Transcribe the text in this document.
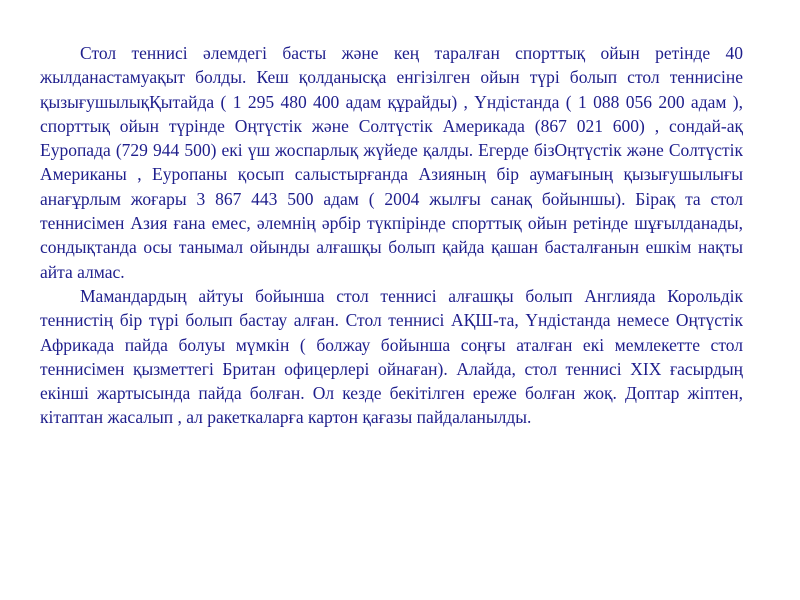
Стол теннисі әлемдегі басты және кең таралған спорттық ойын ретінде 40 жылданастамуақыт болды. Кеш қолданысқа енгізілген ойын түрі болып стол теннисіне қызығушылықҚытайда ( 1 295 480 400 адам құрайды) , Үндістанда ( 1 088 056 200 адам ), спорттық ойын түрінде Оңтүстік және Солтүстік Америкада (867 021 600) , сондай-ақ Еуропада (729 944 500) екі үш жоспарлық жүйеде қалды. Егерде бізОңтүстік және Солтүстік Американы , Еуропаны қосып салыстырғанда Азияның бір аумағының қызығушылығы анағұрлым жоғары 3 867 443 500 адам ( 2004 жылғы санақ бойыншы). Бірақ та стол теннисімен Азия ғана емес, әлемнің әрбір түкпірінде спорттық ойын ретінде шұғылданады, сондықтанда осы танымал ойынды алғашқы болып қайда қашан басталғанын ешкім нақты айта алмас.

Мамандардың айтуы бойынша стол теннисі алғашқы болып Англияда Корольдік теннистің бір түрі болып бастау алған. Стол теннисі АҚШ-та, Үндістанда немесе Оңтүстік Африкада пайда болуы мүмкін ( болжау бойынша соңғы аталған екі мемлекетте стол теннисімен қызметтегі Британ офицерлері ойнаған). Алайда, стол теннисі XIX ғасырдың екінші жартысында пайда болған. Ол кезде бекітілген ереже болған жоқ. Доптар жіптен, кітаптан жасалып , ал ракеткаларға картон қағазы пайдаланылды.
